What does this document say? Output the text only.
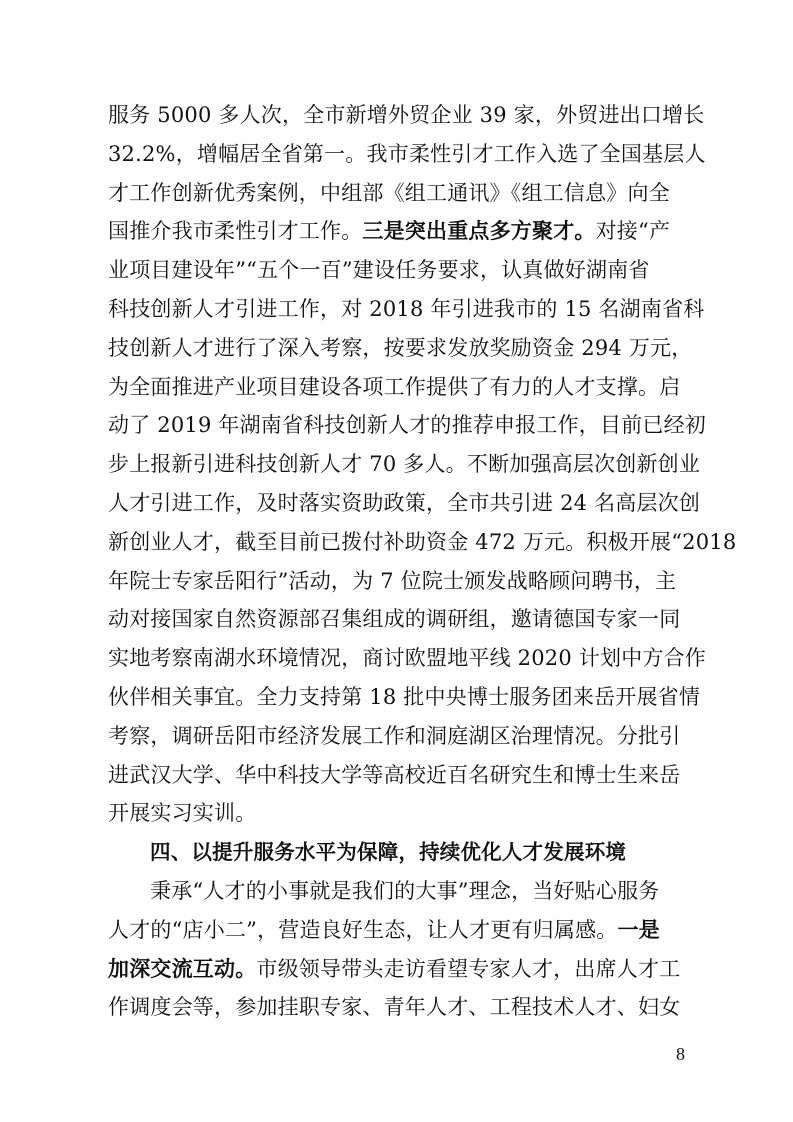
服务 5000 多人次，全市新增外贸企业 39 家，外贸进出口增长
32.2%，增幅居全省第一。我市柔性引才工作入选了全国基层人
才工作创新优秀案例，中组部《组工通讯》《组工信息》向全
国推介我市柔性引才工作。三是突出重点多方聚才。对接“产
业项目建设年”“五个一百”建设任务要求，认真做好湖南省
科技创新人才引进工作，对 2018 年引进我市的 15 名湖南省科
技创新人才进行了深入考察，按要求发放奖励资金 294 万元，
为全面推进产业项目建设各项工作提供了有力的人才支撑。启
动了 2019 年湖南省科技创新人才的推荐申报工作，目前已经初
步上报新引进科技创新人才 70 多人。不断加强高层次创新创业
人才引进工作，及时落实资助政策，全市共引进 24 名高层次创
新创业人才，截至目前已拨付补助资金 472 万元。积极开展“2018
年院士专家岳阳行”活动，为 7 位院士颁发战略顾问聘书，主
动对接国家自然资源部召集组成的调研组，邀请德国专家一同
实地考察南湖水环境情况，商讨欧盟地平线 2020 计划中方合作
伙伴相关事宜。全力支持第 18 批中央博士服务团来岳开展省情
考察，调研岳阳市经济发展工作和洞庭湖区治理情况。分批引
进武汉大学、华中科技大学等高校近百名研究生和博士生来岳
开展实习实训。
四、以提升服务水平为保障，持续优化人才发展环境
秉承“人才的小事就是我们的大事”理念，当好贴心服务
人才的“店小二”，营造良好生态，让人才更有归属感。一是
加深交流互动。市级领导带头走访看望专家人才，出席人才工
作调度会等，参加挂职专家、青年人才、工程技术人才、妇女
8
